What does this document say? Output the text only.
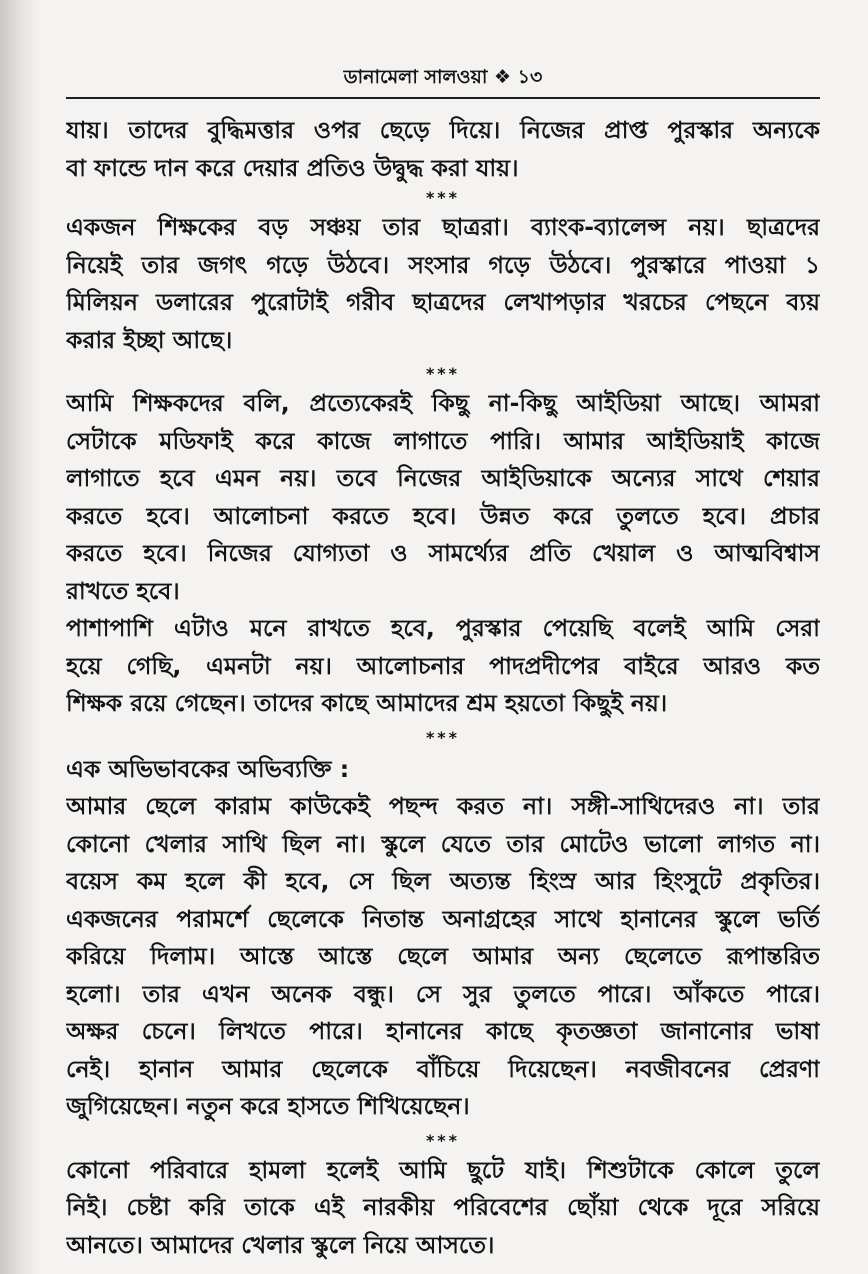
ডানামেলা সালওয়া ❖ ১৩
যায়। তাদের বুদ্ধিমত্তার ওপর ছেড়ে দিয়ে। নিজের প্রাপ্ত পুরস্কার অন্যকে
বা ফান্ডে দান করে দেয়ার প্রতিও উদ্বুদ্ধ করা যায়।
***
একজন শিক্ষকের বড় সঞ্চয় তার ছাত্ররা। ব্যাংক-ব্যালেন্স নয়। ছাত্রদের
নিয়েই তার জগৎ গড়ে উঠবে। সংসার গড়ে উঠবে। পুরস্কারে পাওয়া ১
মিলিয়ন ডলারের পুরোটাই গরীব ছাত্রদের লেখাপড়ার খরচের পেছনে ব্যয়
করার ইচ্ছা আছে।
***
আমি শিক্ষকদের বলি, প্রত্যেকেরই কিছু না-কিছু আইডিয়া আছে। আমরা
সেটাকে মডিফাই করে কাজে লাগাতে পারি। আমার আইডিয়াই কাজে
লাগাতে হবে এমন নয়। তবে নিজের আইডিয়াকে অন্যের সাথে শেয়ার
করতে হবে। আলোচনা করতে হবে। উন্নত করে তুলতে হবে। প্রচার
করতে হবে। নিজের যোগ্যতা ও সামর্থ্যের প্রতি খেয়াল ও আত্মবিশ্বাস
রাখতে হবে।
পাশাপাশি এটাও মনে রাখতে হবে, পুরস্কার পেয়েছি বলেই আমি সেরা
হয়ে গেছি, এমনটা নয়। আলোচনার পাদপ্রদীপের বাইরে আরও কত
শিক্ষক রয়ে গেছেন। তাদের কাছে আমাদের শ্রম হয়তো কিছুই নয়।
***
এক অভিভাবকের অভিব্যক্তি :
আমার ছেলে কারাম কাউকেই পছন্দ করত না। সঙ্গী-সাথিদেরও না। তার
কোনো খেলার সাথি ছিল না। স্কুলে যেতে তার মোটেও ভালো লাগত না।
বয়েস কম হলে কী হবে, সে ছিল অত্যন্ত হিংস্র আর হিংসুটে প্রকৃতির।
একজনের পরামর্শে ছেলেকে নিতান্ত অনাগ্রহের সাথে হানানের স্কুলে ভর্তি
করিয়ে দিলাম। আস্তে আস্তে ছেলে আমার অন্য ছেলেতে রূপান্তরিত
হলো। তার এখন অনেক বন্ধু। সে সুর তুলতে পারে। আঁকতে পারে।
অক্ষর চেনে। লিখতে পারে। হানানের কাছে কৃতজ্ঞতা জানানোর ভাষা
নেই। হানান আমার ছেলেকে বাঁচিয়ে দিয়েছেন। নবজীবনের প্রেরণা
জুগিয়েছেন। নতুন করে হাসতে শিখিয়েছেন।
***
কোনো পরিবারে হামলা হলেই আমি ছুটে যাই। শিশুটাকে কোলে তুলে
নিই। চেষ্টা করি তাকে এই নারকীয় পরিবেশের ছোঁয়া থেকে দূরে সরিয়ে
আনতে। আমাদের খেলার স্কুলে নিয়ে আসতে।
